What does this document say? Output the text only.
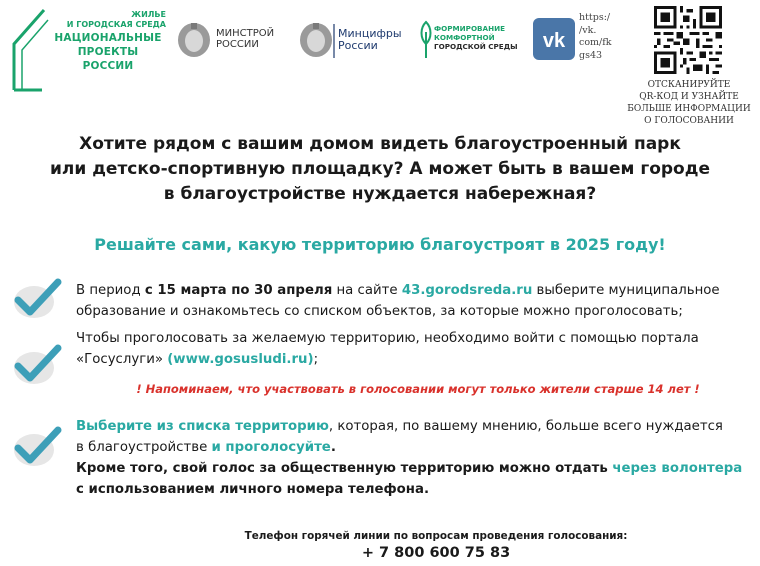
ЖИЛЬЕ
И ГОРОДСКАЯ СРЕДА
НАЦИОНАЛЬНЫЕ
ПРОЕКТЫ
РОССИИ
МИНСТРОЙ
РОССИИ
Минцифры
России
ФОРМИРОВАНИЕ
КОМФОРТНОЙ
ГОРОДСКОЙ СРЕДЫ vk
https:/
/vk.
com/fk
gs43
ОТСКАНИРУЙТЕ
QR-КОД И УЗНАЙТЕ
БОЛЬШЕ ИНФОРМАЦИИ
О ГОЛОСОВАНИИ
Хотите рядом с вашим домом видеть благоустроенный парк
или детско-спортивную площадку? А может быть в вашем городе
в благоустройстве нуждается набережная?
Решайте сами, какую территорию благоустроят в 2025 году!
В период с 15 марта по 30 апреля на сайте 43.gorodsreda.ru выберите муниципальное
образование и ознакомьтесь со списком объектов, за которые можно проголосовать;
Чтобы проголосовать за желаемую территорию, необходимо войти с помощью портала
«Госуслуги» (www.gosusludi.ru);
! Напоминаем, что участвовать в голосовании могут только жители старше 14 лет !
Выберите из списка территорию, которая, по вашему мнению, больше всего нуждается
в благоустройстве и проголосуйте.
Кроме того, свой голос за общественную территорию можно отдать через волонтера
с использованием личного номера телефона.
Телефон горячей линии по вопросам проведения голосования:
+ 7 800 600 75 83
